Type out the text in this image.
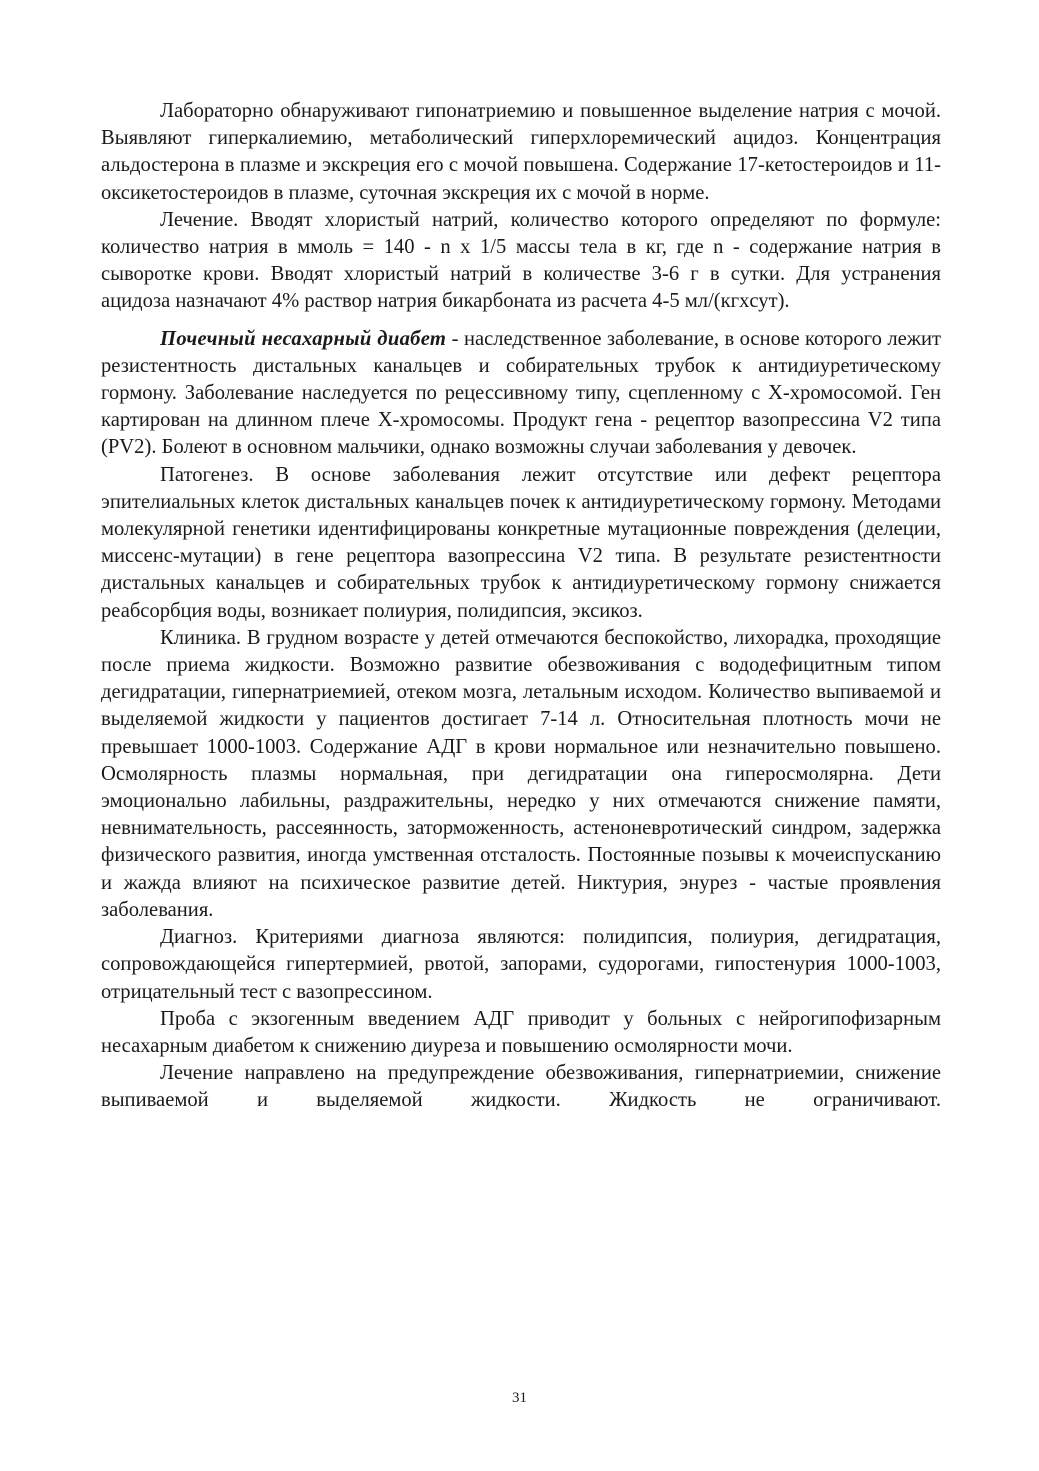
Лабораторно обнаруживают гипонатриемию и повышенное выделение натрия с мочой. Выявляют гиперкалиемию, метаболический гиперхлоремический ацидоз. Концентрация альдостерона в плазме и экскреция его с мочой повышена. Содержание 17-кетостероидов и 11-оксикетостероидов в плазме, суточная экскреция их с мочой в норме.

Лечение. Вводят хлористый натрий, количество которого определяют по формуле: количество натрия в ммоль = 140 - n x 1/5 массы тела в кг, где n - содержание натрия в сыворотке крови. Вводят хлористый натрий в количестве 3-6 г в сутки. Для устранения ацидоза назначают 4% раствор натрия бикарбоната из расчета 4-5 мл/(кгxсут).

Почечный несахарный диабет - наследственное заболевание, в основе которого лежит резистентность дистальных канальцев и собирательных трубок к антидиуретическому гормону. Заболевание наследуется по рецессивному типу, сцепленному с Х-хромосомой. Ген картирован на длинном плече Х-хромосомы. Продукт гена - рецептор вазопрессина V2 типа (PV2). Болеют в основном мальчики, однако возможны случаи заболевания у девочек.

Патогенез. В основе заболевания лежит отсутствие или дефект рецептора эпителиальных клеток дистальных канальцев почек к антидиуретическому гормону. Методами молекулярной генетики идентифицированы конкретные мутационные повреждения (делеции, миссенс-мутации) в гене рецептора вазопрессина V2 типа. В результате резистентности дистальных канальцев и собирательных трубок к антидиуретическому гормону снижается реабсорбция воды, возникает полиурия, полидипсия, эксикоз.

Клиника. В грудном возрасте у детей отмечаются беспокойство, лихорадка, проходящие после приема жидкости. Возможно развитие обезвоживания с вододефицитным типом дегидратации, гипернатриемией, отеком мозга, летальным исходом. Количество выпиваемой и выделяемой жидкости у пациентов достигает 7-14 л. Относительная плотность мочи не превышает 1000-1003. Содержание АДГ в крови нормальное или незначительно повышено. Осмолярность плазмы нормальная, при дегидратации она гиперосмолярна. Дети эмоционально лабильны, раздражительны, нередко у них отмечаются снижение памяти, невнимательность, рассеянность, заторможенность, астеноневротический синдром, задержка физического развития, иногда умственная отсталость. Постоянные позывы к мочеиспусканию и жажда влияют на психическое развитие детей. Никтурия, энурез - частые проявления заболевания.

Диагноз. Критериями диагноза являются: полидипсия, полиурия, дегидратация, сопровождающейся гипертермией, рвотой, запорами, судорогами, гипостенурия 1000-1003, отрицательный тест с вазопрессином.

Проба с экзогенным введением АДГ приводит у больных с нейрогипофизарным несахарным диабетом к снижению диуреза и повышению осмолярности мочи.

Лечение направлено на предупреждение обезвоживания, гипернатриемии, снижение выпиваемой и выделяемой жидкости. Жидкость не ограничивают.

31
